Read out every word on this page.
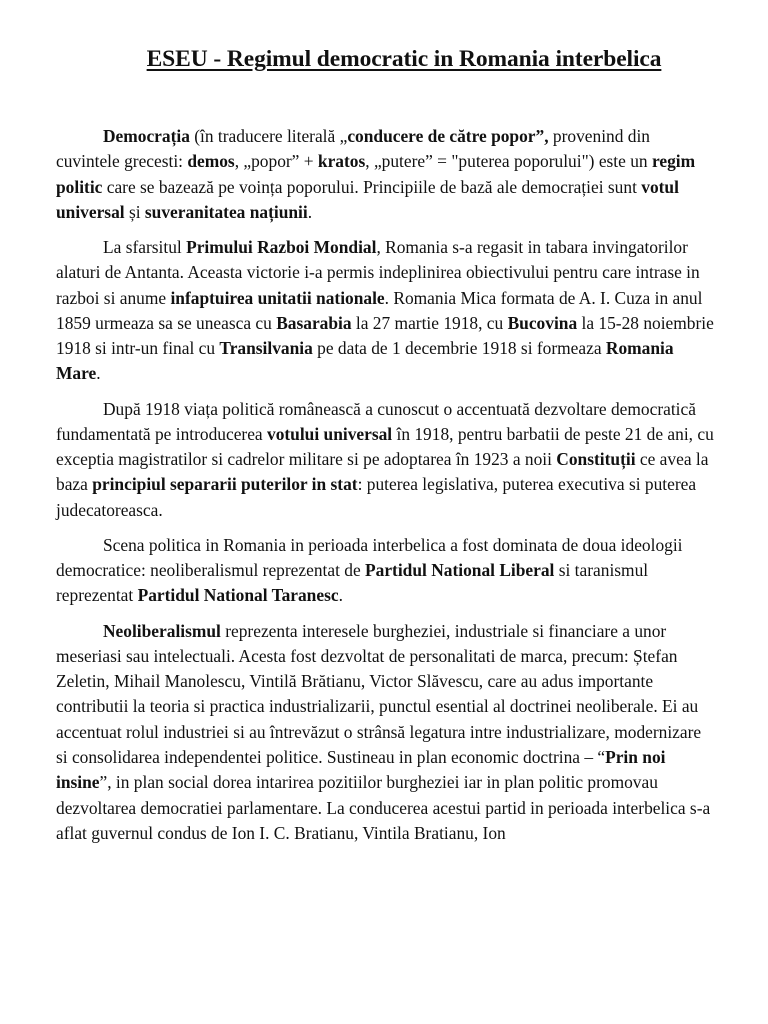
ESEU - Regimul democratic in Romania interbelica

Democrația (în traducere literală „conducere de către popor”, provenind din cuvintele grecesti: demos, „popor” + kratos, „putere” = "puterea poporului") este un regim politic care se bazează pe voința poporului. Principiile de bază ale democrației sunt votul universal și suveranitatea națiunii.

La sfarsitul Primului Razboi Mondial, Romania s-a regasit in tabara invingatorilor alaturi de Antanta. Aceasta victorie i-a permis indeplinirea obiectivului pentru care intrase in razboi si anume infaptuirea unitatii nationale. Romania Mica formata de A. I. Cuza in anul 1859 urmeaza sa se uneasca cu Basarabia la 27 martie 1918, cu Bucovina la 15-28 noiembrie 1918 si intr-un final cu Transilvania pe data de 1 decembrie 1918 si formeaza Romania Mare.

După 1918 viața politică românească a cunoscut o accentuată dezvoltare democratică fundamentată pe introducerea votului universal în 1918, pentru barbatii de peste 21 de ani, cu exceptia magistratilor si cadrelor militare si pe adoptarea în 1923 a noii Constituții ce avea la baza principiul separarii puterilor in stat: puterea legislativa, puterea executiva si puterea judecatoreasca.

Scena politica in Romania in perioada interbelica a fost dominata de doua ideologii democratice: neoliberalismul reprezentat de Partidul National Liberal si taranismul reprezentat Partidul National Taranesc.

Neoliberalismul reprezenta interesele burgheziei, industriale si financiare a unor meseriasi sau intelectuali. Acesta fost dezvoltat de personalitati de marca, precum: Ștefan Zeletin, Mihail Manolescu, Vintilă Brătianu, Victor Slăvescu, care au adus importante contributii la teoria si practica industrializarii, punctul esential al doctrinei neoliberale. Ei au accentuat rolul industriei si au întrevăzut o strânsă legatura intre industrializare, modernizare si consolidarea independentei politice. Sustineau in plan economic doctrina – “Prin noi insine”, in plan social dorea intarirea pozitiilor burgheziei iar in plan politic promovau dezvoltarea democratiei parlamentare. La conducerea acestui partid in perioada interbelica s-a aflat guvernul condus de Ion I. C. Bratianu, Vintila Bratianu, Ion
